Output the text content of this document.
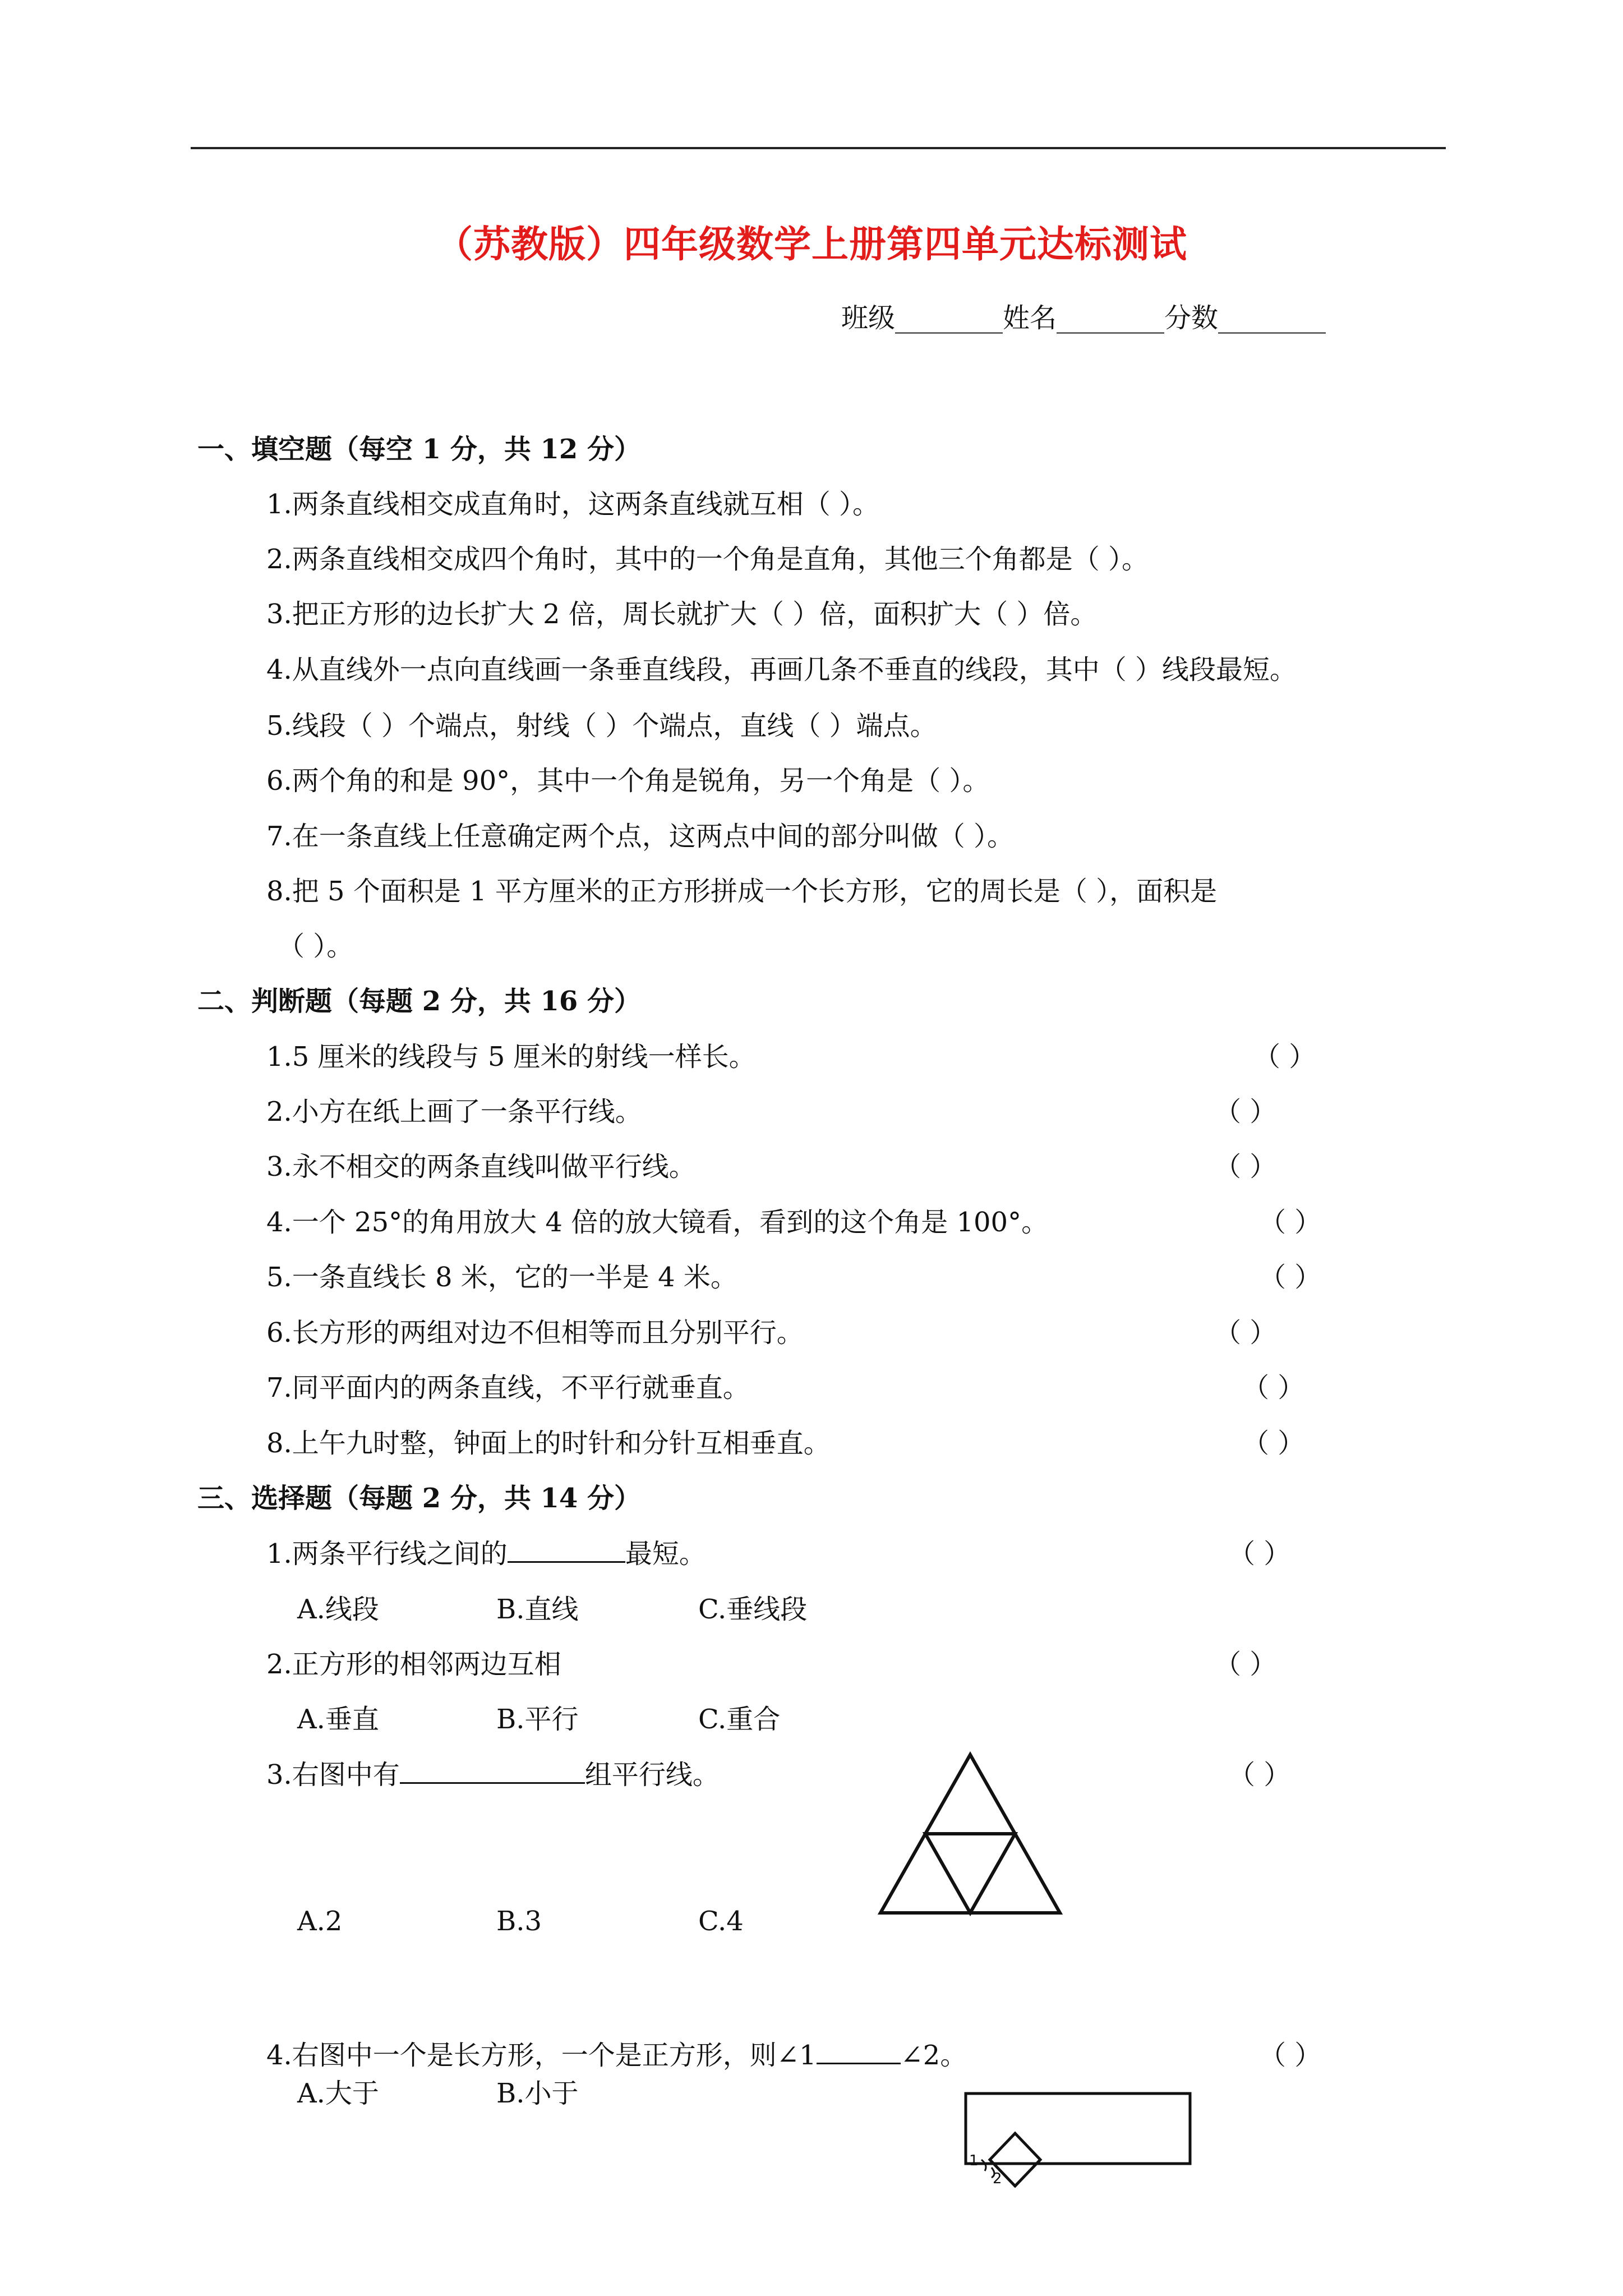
（苏教版）四年级数学上册第四单元达标测试
班级________姓名________分数________
一、填空题（每空 1 分，共 12 分）
1.两条直线相交成直角时，这两条直线就互相（ ）。
2.两条直线相交成四个角时，其中的一个角是直角，其他三个角都是（ ）。
3.把正方形的边长扩大 2 倍，周长就扩大（ ）倍，面积扩大（ ）倍。
4.从直线外一点向直线画一条垂直线段，再画几条不垂直的线段，其中（ ）线段最短。
5.线段（ ）个端点，射线（ ）个端点，直线（ ）端点。
6.两个角的和是 90°，其中一个角是锐角，另一个角是（ ）。
7.在一条直线上任意确定两个点，这两点中间的部分叫做（ ）。
8.把 5 个面积是 1 平方厘米的正方形拼成一个长方形，它的周长是（ ），面积是
（ ）。
二、判断题（每题 2 分，共 16 分）
1.5 厘米的线段与 5 厘米的射线一样长。	（ ）
2.小方在纸上画了一条平行线。	（ ）
3.永不相交的两条直线叫做平行线。	（ ）
4.一个 25°的角用放大 4 倍的放大镜看，看到的这个角是 100°。	（ ）
5.一条直线长 8 米，它的一半是 4 米。	（ ）
6.长方形的两组对边不但相等而且分别平行。	（ ）
7.同平面内的两条直线，不平行就垂直。	（ ）
8.上午九时整，钟面上的时针和分针互相垂直。	（ ）
三、选择题（每题 2 分，共 14 分）
1.两条平行线之间的	最短。	（ ）
A.线段	B.直线	C.垂线段
2.正方形的相邻两边互相	（ ）
A.垂直	B.平行	C.重合
3.右图中有	组平行线。	（ ）
A.2	B.3	C.4
4.右图中一个是长方形，一个是正方形，则∠1	∠2。	（ ）
A.大于	B.小于
1
2
